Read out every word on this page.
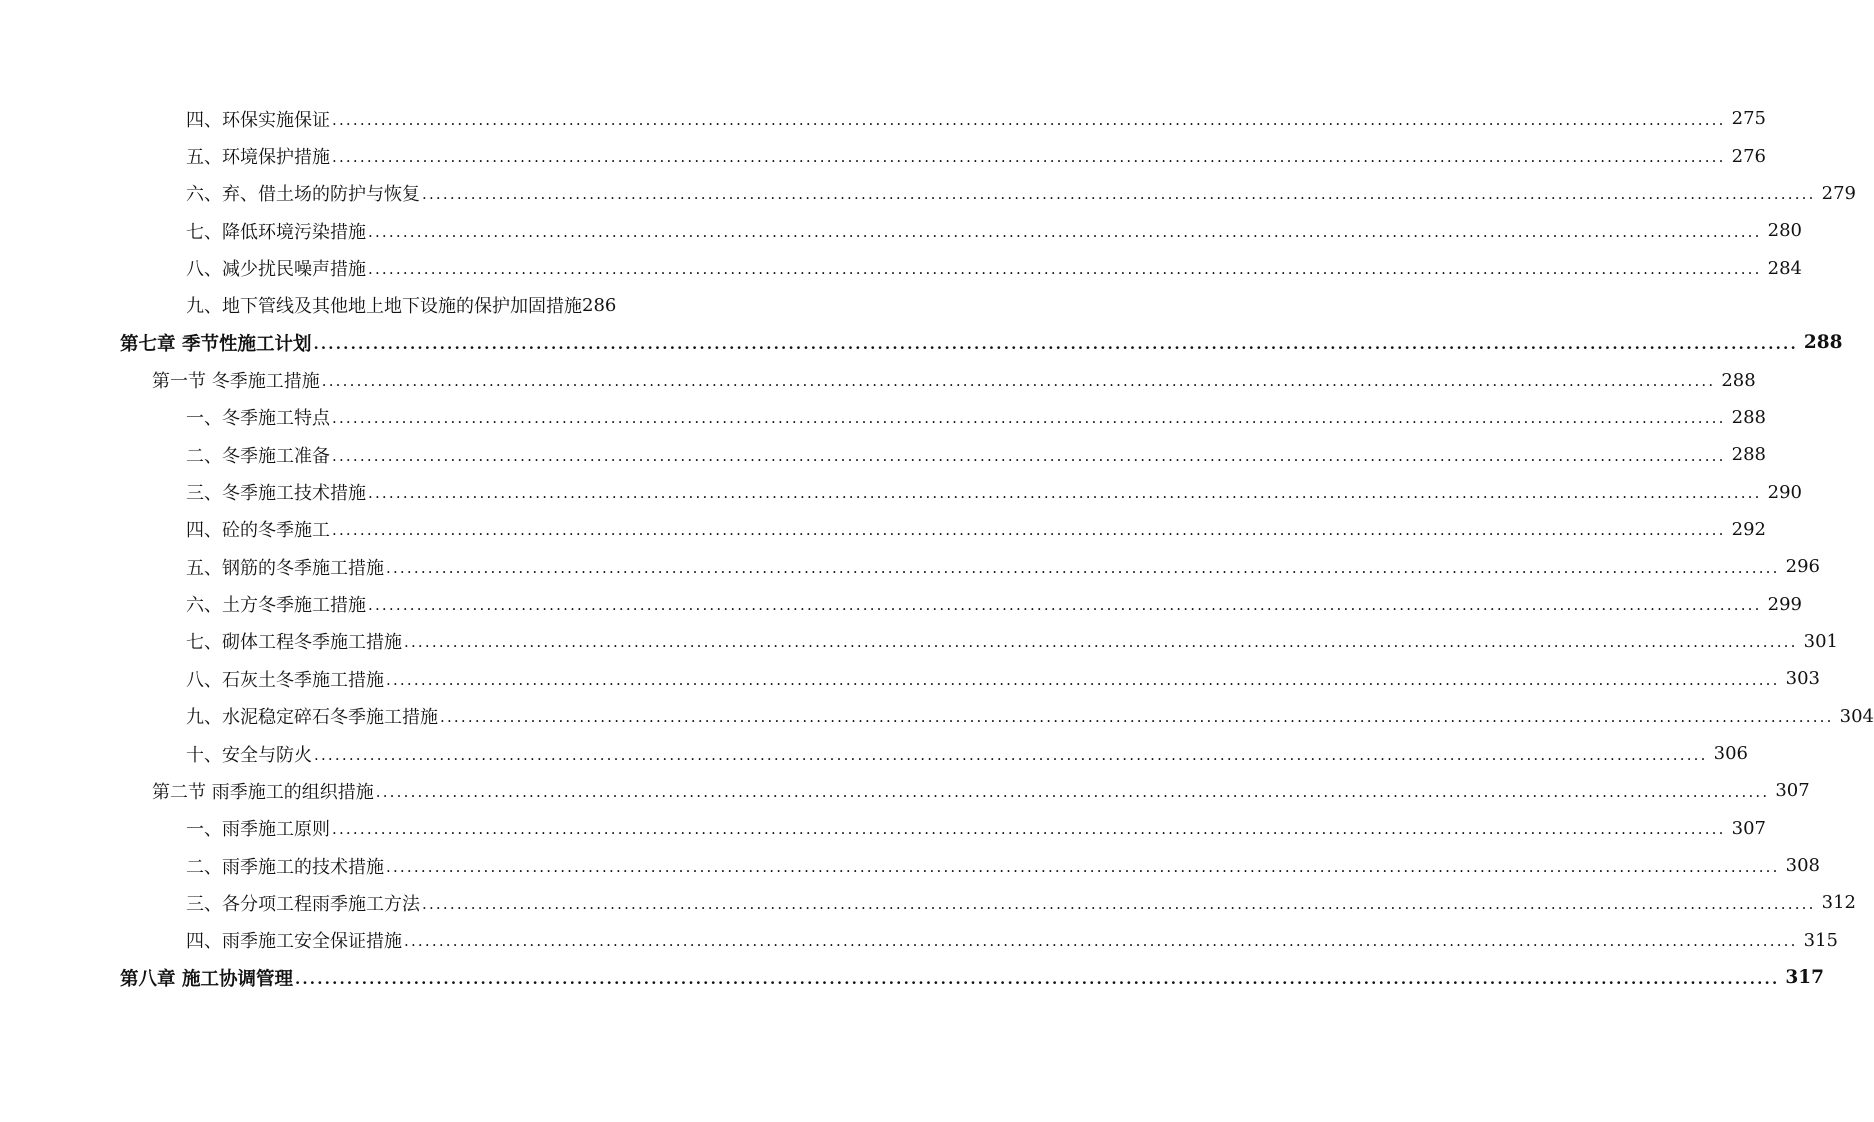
四、环保实施保证 ........................................................................................................................................................................................................ 275
五、环境保护措施 ........................................................................................................................................................................................................ 276
六、弃、借土场的防护与恢复 ........................................................................................................................................................................................................ 279
七、降低环境污染措施 ........................................................................................................................................................................................................ 280
八、减少扰民噪声措施 ........................................................................................................................................................................................................ 284
九、地下管线及其他地上地下设施的保护加固措施 286
第七章 季节性施工计划 ........................................................................................................................................................................................................ 288
第一节 冬季施工措施 ........................................................................................................................................................................................................ 288
一、冬季施工特点 ........................................................................................................................................................................................................ 288
二、冬季施工准备 ........................................................................................................................................................................................................ 288
三、冬季施工技术措施 ........................................................................................................................................................................................................ 290
四、砼的冬季施工 ........................................................................................................................................................................................................ 292
五、钢筋的冬季施工措施 ........................................................................................................................................................................................................ 296
六、土方冬季施工措施 ........................................................................................................................................................................................................ 299
七、砌体工程冬季施工措施 ........................................................................................................................................................................................................ 301
八、石灰土冬季施工措施 ........................................................................................................................................................................................................ 303
九、水泥稳定碎石冬季施工措施 ........................................................................................................................................................................................................ 304
十、安全与防火 ........................................................................................................................................................................................................ 306
第二节 雨季施工的组织措施 ........................................................................................................................................................................................................ 307
一、雨季施工原则 ........................................................................................................................................................................................................ 307
二、雨季施工的技术措施 ........................................................................................................................................................................................................ 308
三、各分项工程雨季施工方法 ........................................................................................................................................................................................................ 312
四、雨季施工安全保证措施 ........................................................................................................................................................................................................ 315
第八章 施工协调管理 ........................................................................................................................................................................................................ 317
